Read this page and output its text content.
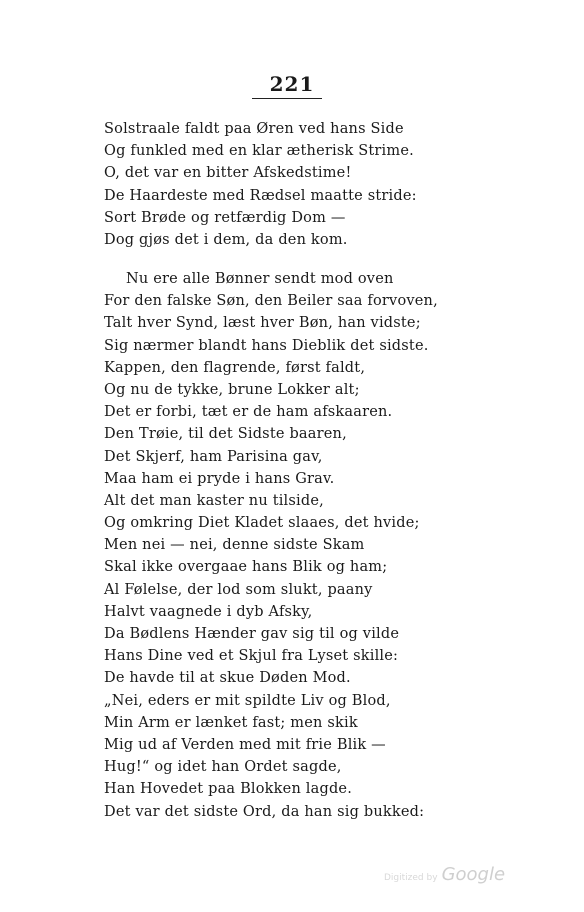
221
Solstraale faldt paa Øren ved hans Side
Og funkled med en klar ætherisk Strime.
O, det var en bitter Afskedstime!
De Haardeste med Rædsel maatte stride:
Sort Brøde og retfærdig Dom —
Dog gjøs det i dem, da den kom.
Nu ere alle Bønner sendt mod oven
For den falske Søn, den Beiler saa forvoven,
Talt hver Synd, læst hver Bøn, han vidste;
Sig nærmer blandt hans Dieblik det sidste.
Kappen, den flagrende, først faldt,
Og nu de tykke, brune Lokker alt;
Det er forbi, tæt er de ham afskaaren.
Den Trøie, til det Sidste baaren,
Det Skjerf, ham Parisina gav,
Maa ham ei pryde i hans Grav.
Alt det man kaster nu tilside,
Og omkring Diet Kladet slaaes, det hvide;
Men nei — nei, denne sidste Skam
Skal ikke overgaae hans Blik og ham;
Al Følelse, der lod som slukt, paany
Halvt vaagnede i dyb Afsky,
Da Bødlens Hænder gav sig til og vilde
Hans Dine ved et Skjul fra Lyset skille:
De havde til at skue Døden Mod.
„Nei, eders er mit spildte Liv og Blod,
Min Arm er lænket fast; men skik
Mig ud af Verden med mit frie Blik —
Hug!“ og idet han Ordet sagde,
Han Hovedet paa Blokken lagde.
Det var det sidste Ord, da han sig bukked:
Digitized by Google
